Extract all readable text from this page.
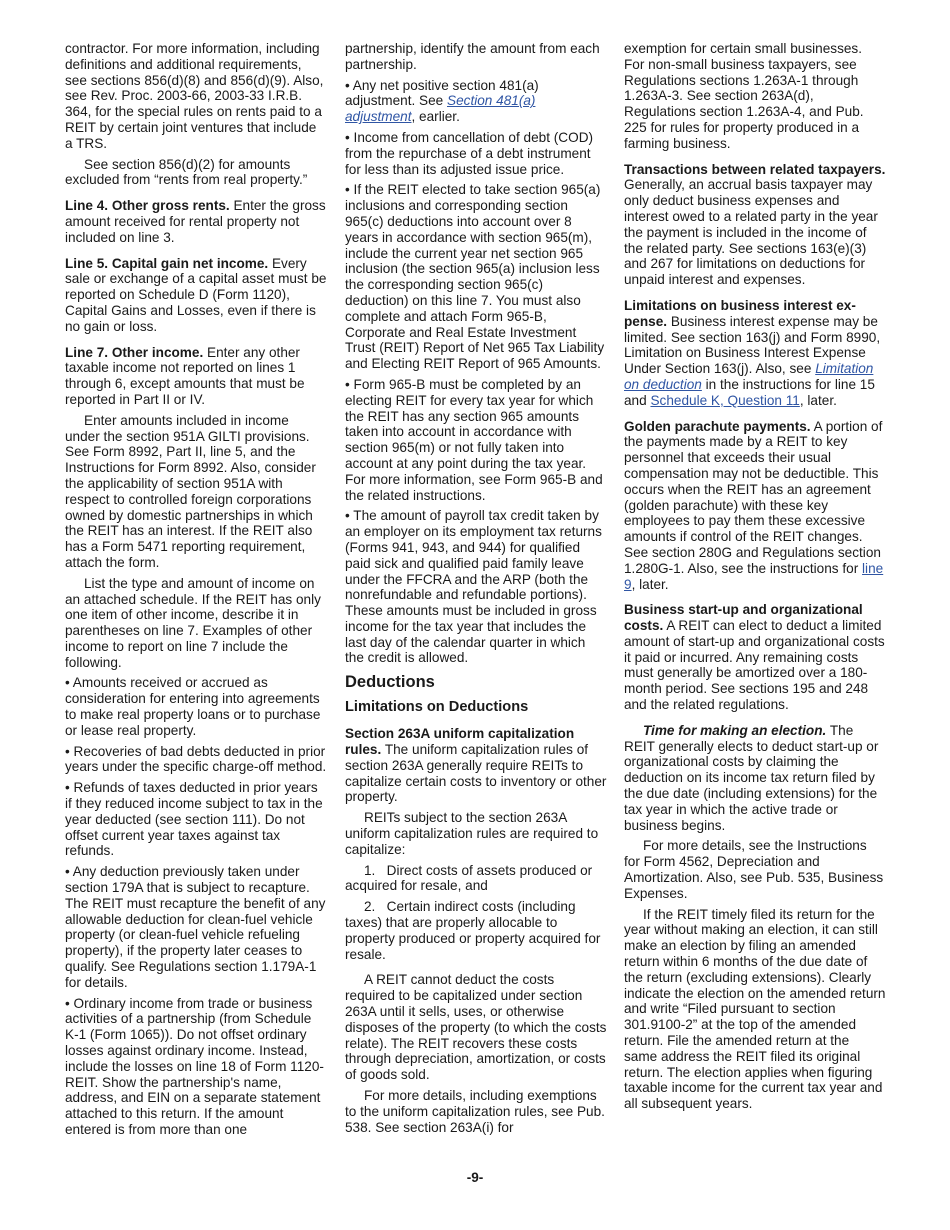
contractor. For more information, including definitions and additional requirements, see sections 856(d)(8) and 856(d)(9). Also, see Rev. Proc. 2003-66, 2003-33 I.R.B. 364, for the special rules on rents paid to a REIT by certain joint ventures that include a TRS.

See section 856(d)(2) for amounts excluded from “rents from real property.”

Line 4. Other gross rents. Enter the gross amount received for rental property not included on line 3.

Line 5. Capital gain net income. Every sale or exchange of a capital asset must be reported on Schedule D (Form 1120), Capital Gains and Losses, even if there is no gain or loss.

Line 7. Other income. Enter any other taxable income not reported on lines 1 through 6, except amounts that must be reported in Part II or IV.

Enter amounts included in income under the section 951A GILTI provisions. See Form 8992, Part II, line 5, and the Instructions for Form 8992. Also, consider the applicability of section 951A with respect to controlled foreign corporations owned by domestic partnerships in which the REIT has an interest. If the REIT also has a Form 5471 reporting requirement, attach the form.

List the type and amount of income on an attached schedule. If the REIT has only one item of other income, describe it in parentheses on line 7. Examples of other income to report on line 7 include the following.

• Amounts received or accrued as consideration for entering into agreements to make real property loans or to purchase or lease real property.

• Recoveries of bad debts deducted in prior years under the specific charge-off method.

• Refunds of taxes deducted in prior years if they reduced income subject to tax in the year deducted (see section 111). Do not offset current year taxes against tax refunds.

• Any deduction previously taken under section 179A that is subject to recapture. The REIT must recapture the benefit of any allowable deduction for clean-fuel vehicle property (or clean-fuel vehicle refueling property), if the property later ceases to qualify. See Regulations section 1.179A-1 for details.

• Ordinary income from trade or business activities of a partnership (from Schedule K-1 (Form 1065)). Do not offset ordinary losses against ordinary income. Instead, include the losses on line 18 of Form 1120-REIT. Show the partnership's name, address, and EIN on a separate statement attached to this return. If the amount entered is from more than one

partnership, identify the amount from each partnership.

• Any net positive section 481(a) adjustment. See Section 481(a) adjustment, earlier.

• Income from cancellation of debt (COD) from the repurchase of a debt instrument for less than its adjusted issue price.

• If the REIT elected to take section 965(a) inclusions and corresponding section 965(c) deductions into account over 8 years in accordance with section 965(m), include the current year net section 965 inclusion (the section 965(a) inclusion less the corresponding section 965(c) deduction) on this line 7. You must also complete and attach Form 965-B, Corporate and Real Estate Investment Trust (REIT) Report of Net 965 Tax Liability and Electing REIT Report of 965 Amounts.

• Form 965-B must be completed by an electing REIT for every tax year for which the REIT has any section 965 amounts taken into account in accordance with section 965(m) or not fully taken into account at any point during the tax year. For more information, see Form 965-B and the related instructions.

• The amount of payroll tax credit taken by an employer on its employment tax returns (Forms 941, 943, and 944) for qualified paid sick and qualified paid family leave under the FFCRA and the ARP (both the nonrefundable and refundable portions). These amounts must be included in gross income for the tax year that includes the last day of the calendar quarter in which the credit is allowed.

Deductions
Limitations on Deductions

Section 263A uniform capitalization rules. The uniform capitalization rules of section 263A generally require REITs to capitalize certain costs to inventory or other property.

REITs subject to the section 263A uniform capitalization rules are required to capitalize:

1.   Direct costs of assets produced or acquired for resale, and

2.   Certain indirect costs (including taxes) that are properly allocable to property produced or property acquired for resale.

A REIT cannot deduct the costs required to be capitalized under section 263A until it sells, uses, or otherwise disposes of the property (to which the costs relate). The REIT recovers these costs through depreciation, amortization, or costs of goods sold.

For more details, including exemptions to the uniform capitalization rules, see Pub. 538. See section 263A(i) for

exemption for certain small businesses. For non-small business taxpayers, see Regulations sections 1.263A-1 through 1.263A-3. See section 263A(d), Regulations section 1.263A-4, and Pub. 225 for rules for property produced in a farming business.

Transactions between related taxpayers. Generally, an accrual basis taxpayer may only deduct business expenses and interest owed to a related party in the year the payment is included in the income of the related party. See sections 163(e)(3) and 267 for limitations on deductions for unpaid interest and expenses.

Limitations on business interest expense. Business interest expense may be limited. See section 163(j) and Form 8990, Limitation on Business Interest Expense Under Section 163(j). Also, see Limitation on deduction in the instructions for line 15 and Schedule K, Question 11, later.

Golden parachute payments. A portion of the payments made by a REIT to key personnel that exceeds their usual compensation may not be deductible. This occurs when the REIT has an agreement (golden parachute) with these key employees to pay them these excessive amounts if control of the REIT changes. See section 280G and Regulations section 1.280G-1. Also, see the instructions for line 9, later.

Business start-up and organizational costs. A REIT can elect to deduct a limited amount of start-up and organizational costs it paid or incurred. Any remaining costs must generally be amortized over a 180-month period. See sections 195 and 248 and the related regulations.

Time for making an election. The REIT generally elects to deduct start-up or organizational costs by claiming the deduction on its income tax return filed by the due date (including extensions) for the tax year in which the active trade or business begins.

For more details, see the Instructions for Form 4562, Depreciation and Amortization. Also, see Pub. 535, Business Expenses.

If the REIT timely filed its return for the year without making an election, it can still make an election by filing an amended return within 6 months of the due date of the return (excluding extensions). Clearly indicate the election on the amended return and write “Filed pursuant to section 301.9100-2” at the top of the amended return. File the amended return at the same address the REIT filed its original return. The election applies when figuring taxable income for the current tax year and all subsequent years.

-9-
